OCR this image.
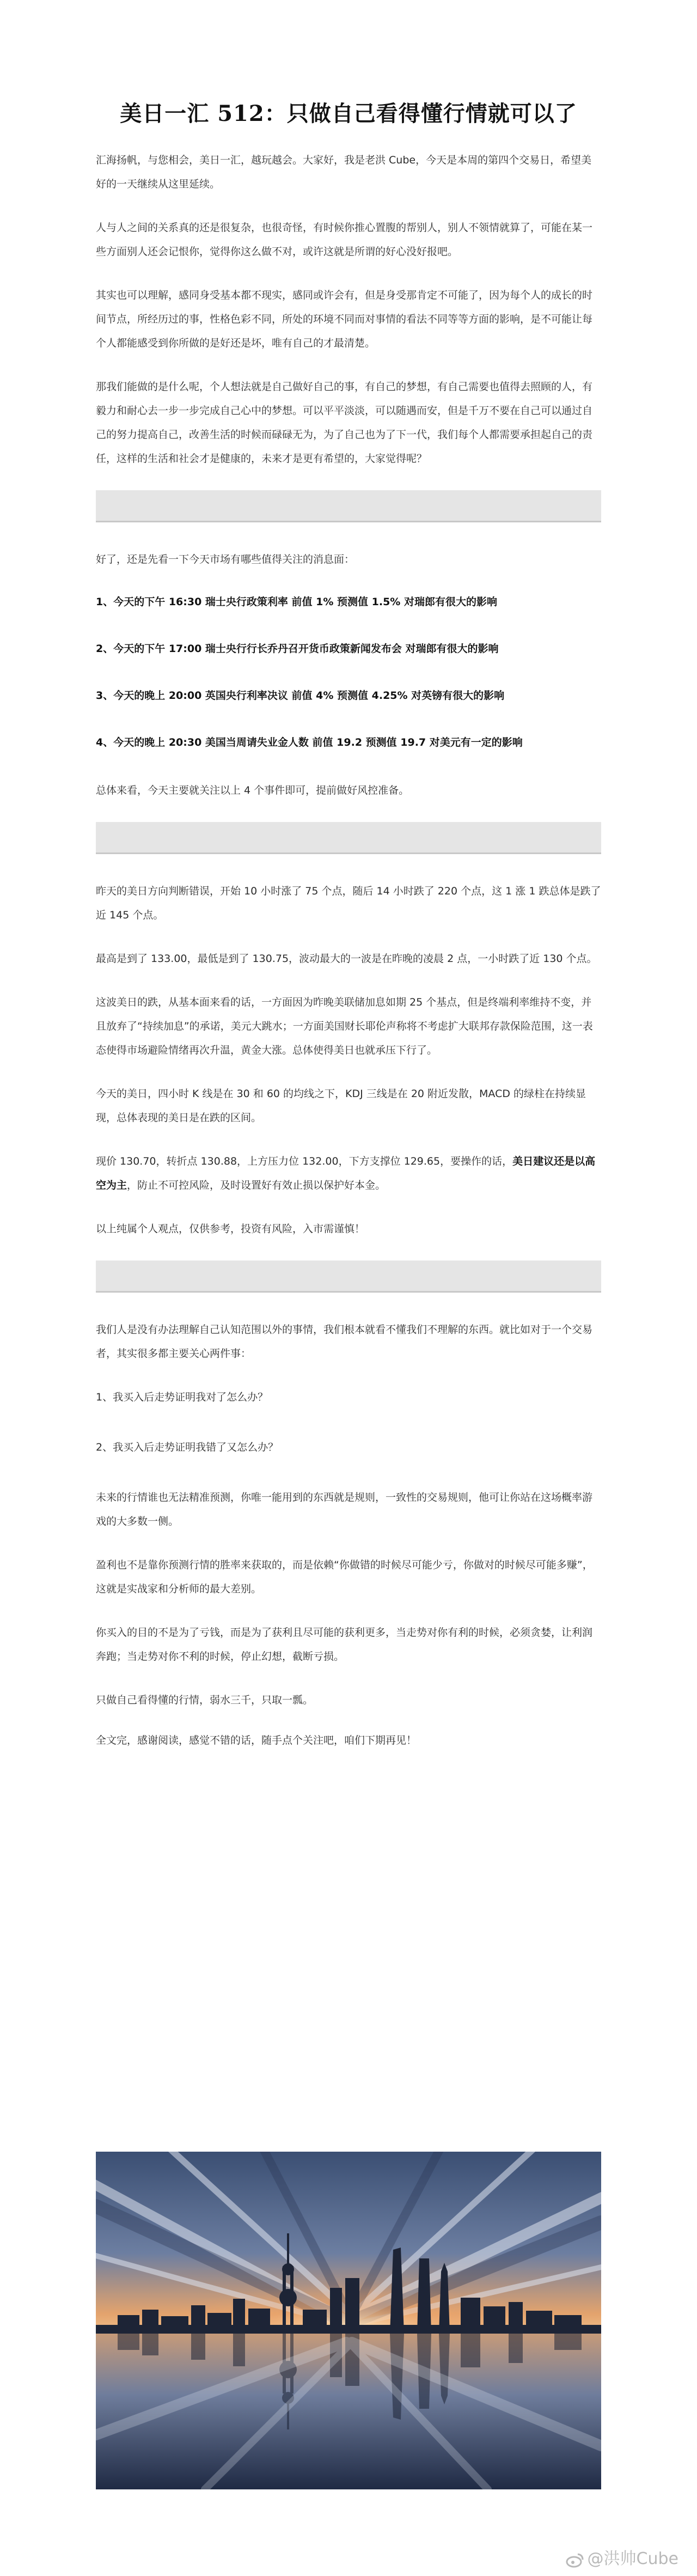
美日一汇 512：只做自己看得懂行情就可以了

汇海扬帆，与您相会，美日一汇，越玩越会。大家好，我是老洪 Cube，今天是本周的第四个交易日，希望美好的一天继续从这里延续。

人与人之间的关系真的还是很复杂，也很奇怪，有时候你推心置腹的帮别人，别人不领情就算了，可能在某一些方面别人还会记恨你，觉得你这么做不对，或许这就是所谓的好心没好报吧。

其实也可以理解，感同身受基本都不现实，感同或许会有，但是身受那肯定不可能了，因为每个人的成长的时间节点，所经历过的事，性格色彩不同，所处的环境不同而对事情的看法不同等等方面的影响，是不可能让每个人都能感受到你所做的是好还是坏，唯有自己的才最清楚。

那我们能做的是什么呢，个人想法就是自己做好自己的事，有自己的梦想，有自己需要也值得去照顾的人，有毅力和耐心去一步一步完成自己心中的梦想。可以平平淡淡，可以随遇而安，但是千万不要在自己可以通过自己的努力提高自己，改善生活的时候而碌碌无为，为了自己也为了下一代，我们每个人都需要承担起自己的责任，这样的生活和社会才是健康的，未来才是更有希望的，大家觉得呢？

好了，还是先看一下今天市场有哪些值得关注的消息面：

1、今天的下午 16:30 瑞士央行政策利率 前值 1% 预测值 1.5% 对瑞郎有很大的影响

2、今天的下午 17:00 瑞士央行行长乔丹召开货币政策新闻发布会 对瑞郎有很大的影响

3、今天的晚上 20:00 英国央行利率决议 前值 4% 预测值 4.25% 对英镑有很大的影响

4、今天的晚上 20:30 美国当周请失业金人数 前值 19.2 预测值 19.7 对美元有一定的影响

总体来看，今天主要就关注以上 4 个事件即可，提前做好风控准备。

昨天的美日方向判断错误，开始 10 小时涨了 75 个点，随后 14 小时跌了 220 个点，这 1 涨 1 跌总体是跌了近 145 个点。

最高是到了 133.00，最低是到了 130.75，波动最大的一波是在昨晚的凌晨 2 点，一小时跌了近 130 个点。

这波美日的跌，从基本面来看的话，一方面因为昨晚美联储加息如期 25 个基点，但是终端利率维持不变，并且放弃了“持续加息”的承诺，美元大跳水；一方面美国财长耶伦声称将不考虑扩大联邦存款保险范围，这一表态使得市场避险情绪再次升温，黄金大涨。总体使得美日也就承压下行了。

今天的美日，四小时 K 线是在 30 和 60 的均线之下，KDJ 三线是在 20 附近发散，MACD 的绿柱在持续显现，总体表现的美日是在跌的区间。

现价 130.70，转折点 130.88，上方压力位 132.00，下方支撑位 129.65，要操作的话，美日建议还是以高空为主，防止不可控风险，及时设置好有效止损以保护好本金。

以上纯属个人观点，仅供参考，投资有风险，入市需谨慎！

我们人是没有办法理解自己认知范围以外的事情，我们根本就看不懂我们不理解的东西。就比如对于一个交易者，其实很多都主要关心两件事：

1、我买入后走势证明我对了怎么办？

2、我买入后走势证明我错了又怎么办？

未来的行情谁也无法精准预测，你唯一能用到的东西就是规则，一致性的交易规则，他可让你站在这场概率游戏的大多数一侧。

盈利也不是靠你预测行情的胜率来获取的，而是依赖“你做错的时候尽可能少亏，你做对的时候尽可能多赚”，这就是实战家和分析师的最大差别。

你买入的目的不是为了亏钱，而是为了获利且尽可能的获利更多，当走势对你有利的时候，必须贪婪，让利润奔跑；当走势对你不利的时候，停止幻想，截断亏损。

只做自己看得懂的行情，弱水三千，只取一瓢。

全文完，感谢阅读，感觉不错的话，随手点个关注吧，咱们下期再见！

@洪帅Cube
